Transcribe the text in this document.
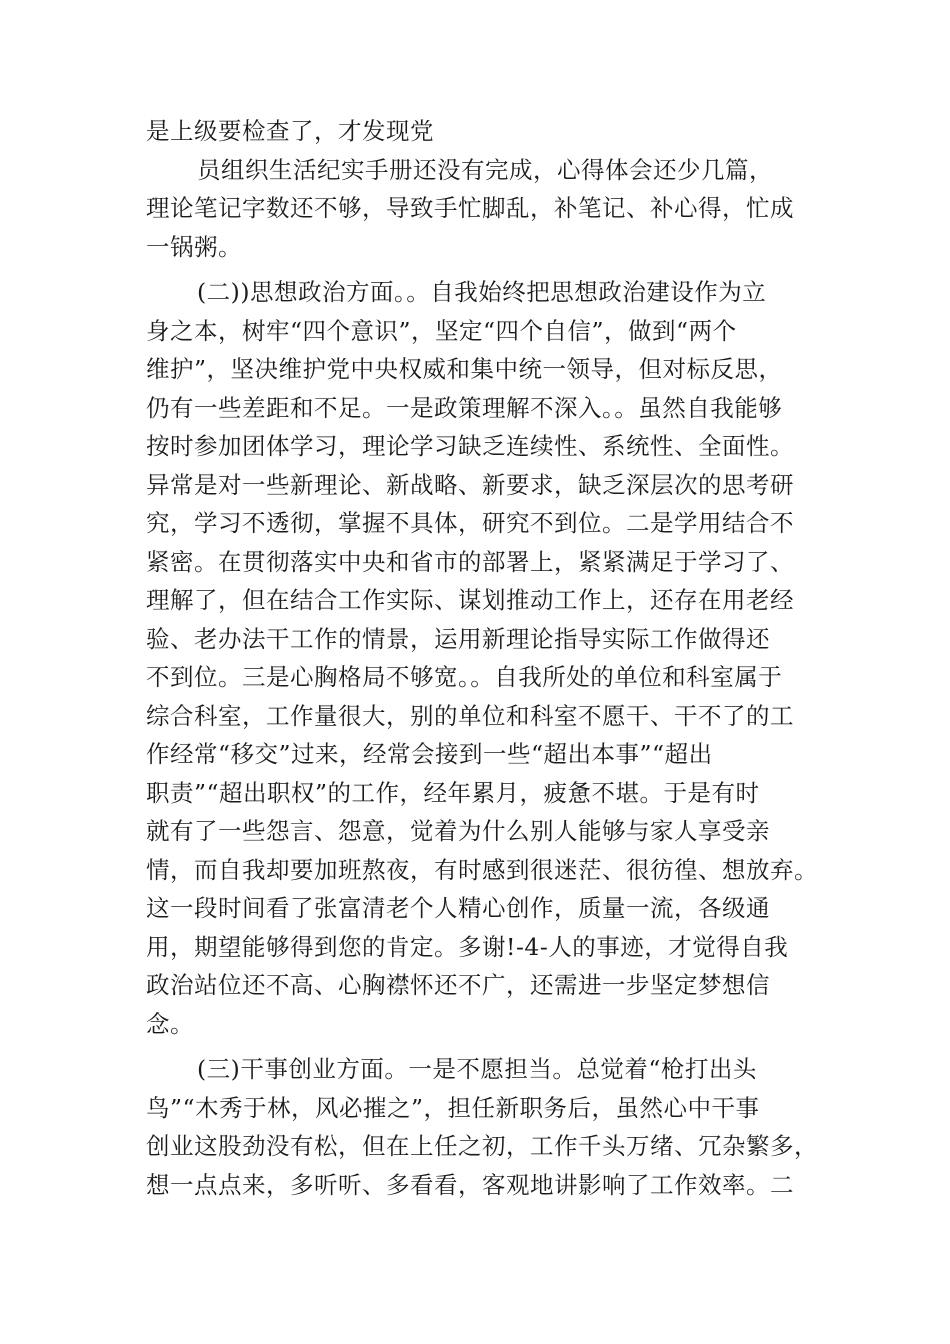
是上级要检查了，才发现党
员组织生活纪实手册还没有完成，心得体会还少几篇，
理论笔记字数还不够，导致手忙脚乱，补笔记、补心得，忙成
一锅粥。
(二))思想政治方面。。自我始终把思想政治建设作为立
身之本，树牢“四个意识”，坚定“四个自信”，做到“两个
维护”，坚决维护党中央权威和集中统一领导，但对标反思，
仍有一些差距和不足。一是政策理解不深入。。虽然自我能够
按时参加团体学习，理论学习缺乏连续性、系统性、全面性。
异常是对一些新理论、新战略、新要求，缺乏深层次的思考研
究，学习不透彻，掌握不具体，研究不到位。二是学用结合不
紧密。在贯彻落实中央和省市的部署上，紧紧满足于学习了、
理解了，但在结合工作实际、谋划推动工作上，还存在用老经
验、老办法干工作的情景，运用新理论指导实际工作做得还
不到位。三是心胸格局不够宽。。自我所处的单位和科室属于
综合科室，工作量很大，别的单位和科室不愿干、干不了的工
作经常“移交”过来，经常会接到一些“超出本事”“超出
职责”“超出职权”的工作，经年累月，疲惫不堪。于是有时
就有了一些怨言、怨意，觉着为什么别人能够与家人享受亲
情，而自我却要加班熬夜，有时感到很迷茫、很彷徨、想放弃。
这一段时间看了张富清老个人精心创作，质量一流，各级通
用，期望能够得到您的肯定。多谢!-4-人的事迹，才觉得自我
政治站位还不高、心胸襟怀还不广，还需进一步坚定梦想信
念。
(三)干事创业方面。一是不愿担当。总觉着“枪打出头
鸟”“木秀于林，风必摧之”，担任新职务后，虽然心中干事
创业这股劲没有松，但在上任之初，工作千头万绪、冗杂繁多，
想一点点来，多听听、多看看，客观地讲影响了工作效率。二
